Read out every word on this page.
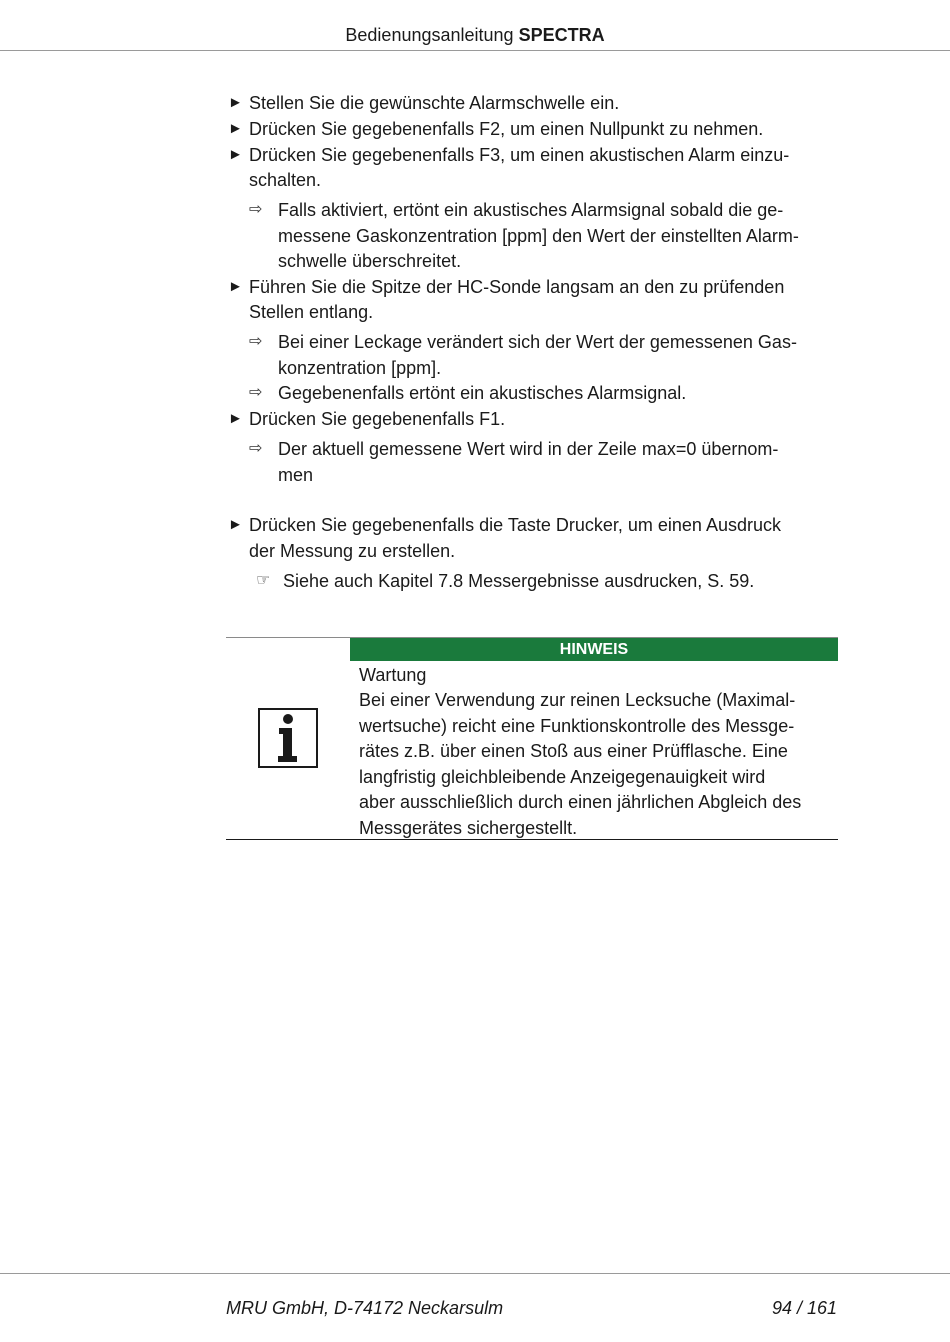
Bedienungsanleitung SPECTRA
► Stellen Sie die gewünschte Alarmschwelle ein.
► Drücken Sie gegebenenfalls F2, um einen Nullpunkt zu nehmen.
► Drücken Sie gegebenenfalls F3, um einen akustischen Alarm einzu-
schalten.
⇨ Falls aktiviert, ertönt ein akustisches Alarmsignal sobald die ge-
messene Gaskonzentration [ppm] den Wert der einstellten Alarm-
schwelle überschreitet.
► Führen Sie die Spitze der HC-Sonde langsam an den zu prüfenden
Stellen entlang.
⇨ Bei einer Leckage verändert sich der Wert der gemessenen Gas-
konzentration [ppm].
⇨ Gegebenenfalls ertönt ein akustisches Alarmsignal.
► Drücken Sie gegebenenfalls F1.
⇨ Der aktuell gemessene Wert wird in der Zeile max=0 übernom-
men
► Drücken Sie gegebenenfalls die Taste Drucker, um einen Ausdruck
der Messung zu erstellen.
☞ Siehe auch Kapitel 7.8 Messergebnisse ausdrucken, S. 59.
HINWEIS
Wartung
Bei einer Verwendung zur reinen Lecksuche (Maximal-
wertsuche) reicht eine Funktionskontrolle des Messge-
rätes z.B. über einen Stoß aus einer Prüfflasche. Eine
langfristig gleichbleibende Anzeigegenauigkeit wird
aber ausschließlich durch einen jährlichen Abgleich des
Messgerätes sichergestellt.
MRU GmbH, D-74172 Neckarsulm	94 / 161
